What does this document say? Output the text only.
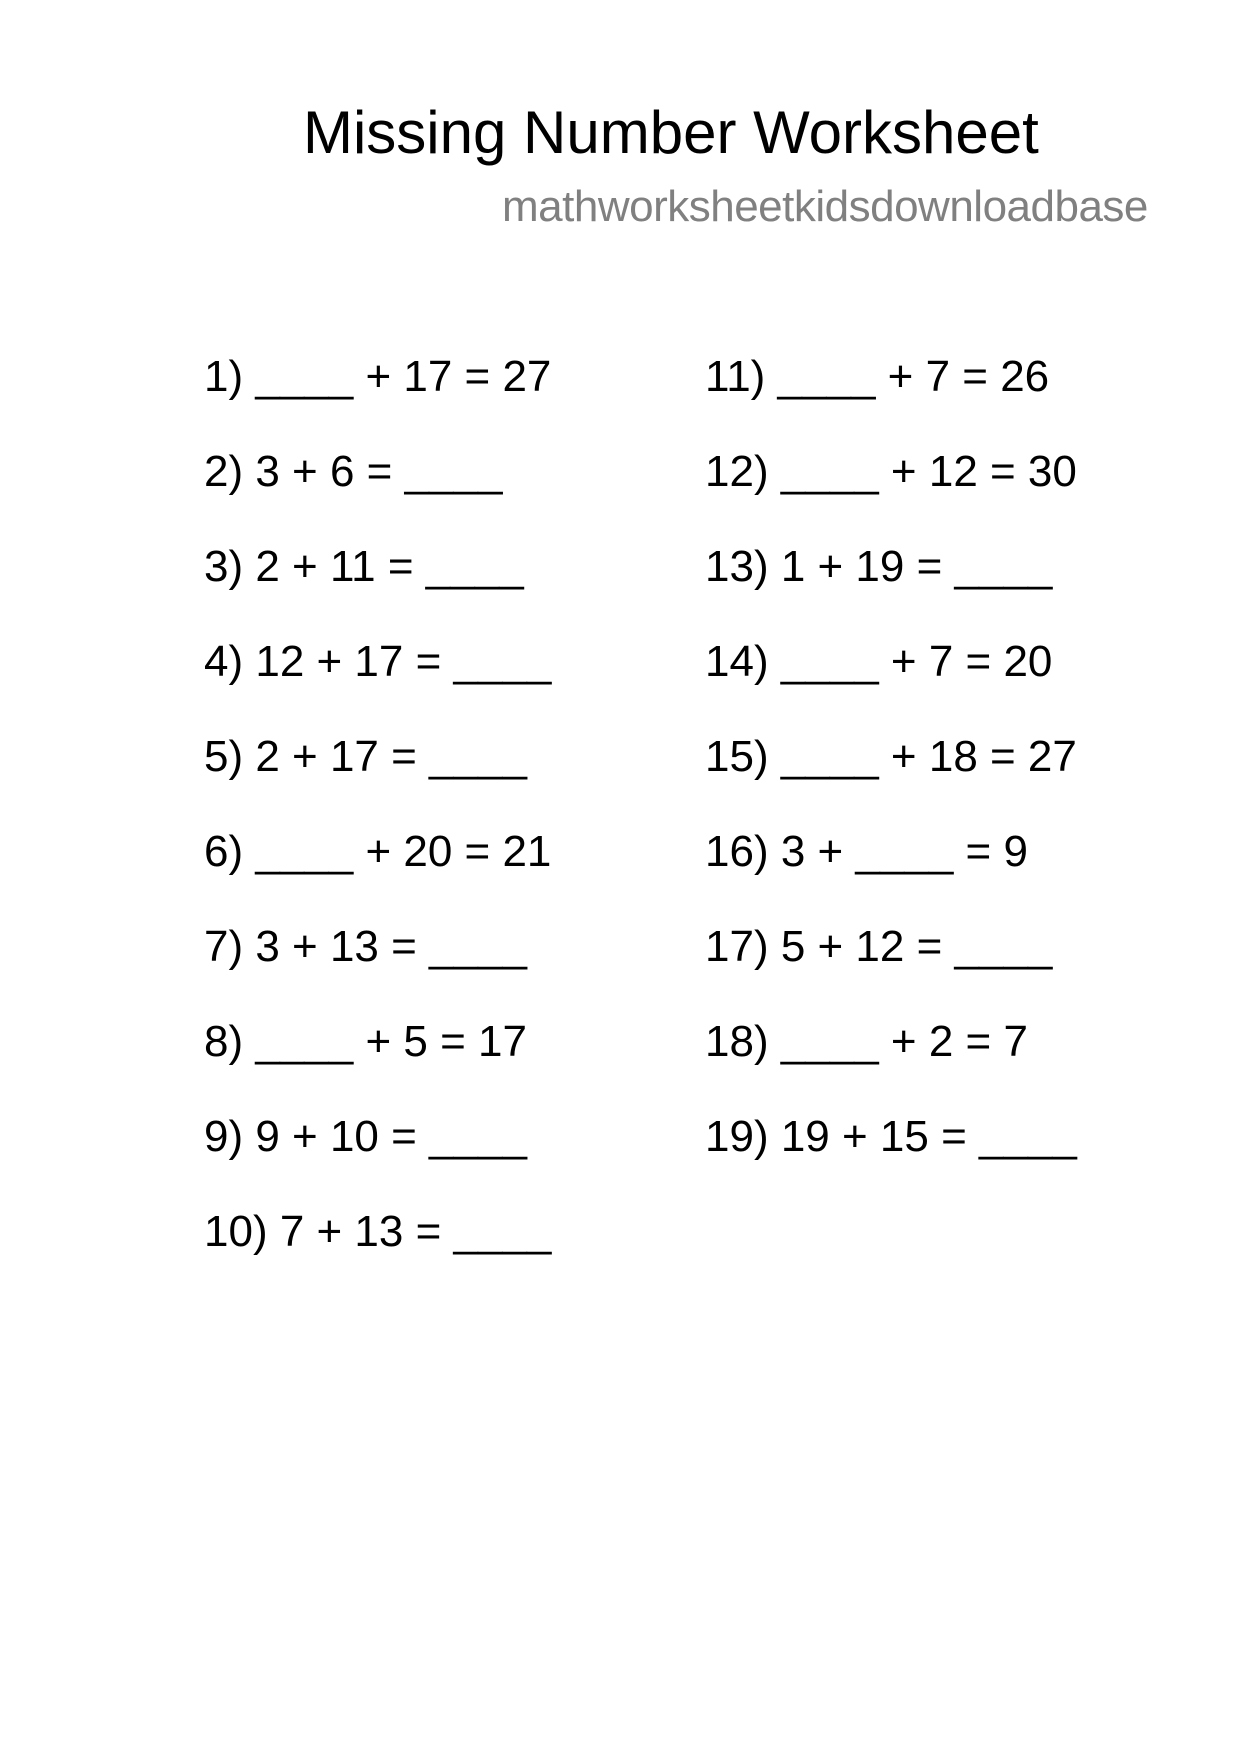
Missing Number Worksheet
mathworksheetkidsdownloadbase
1) ____ + 17 = 27
2) 3 + 6 = ____
3) 2 + 11 = ____
4) 12 + 17 = ____
5) 2 + 17 = ____
6) ____ + 20 = 21
7) 3 + 13 = ____
8) ____ + 5 = 17
9) 9 + 10 = ____
10) 7 + 13 = ____
11) ____ + 7 = 26
12) ____ + 12 = 30
13) 1 + 19 = ____
14) ____ + 7 = 20
15) ____ + 18 = 27
16) 3 + ____ = 9
17) 5 + 12 = ____
18) ____ + 2 = 7
19) 19 + 15 = ____
